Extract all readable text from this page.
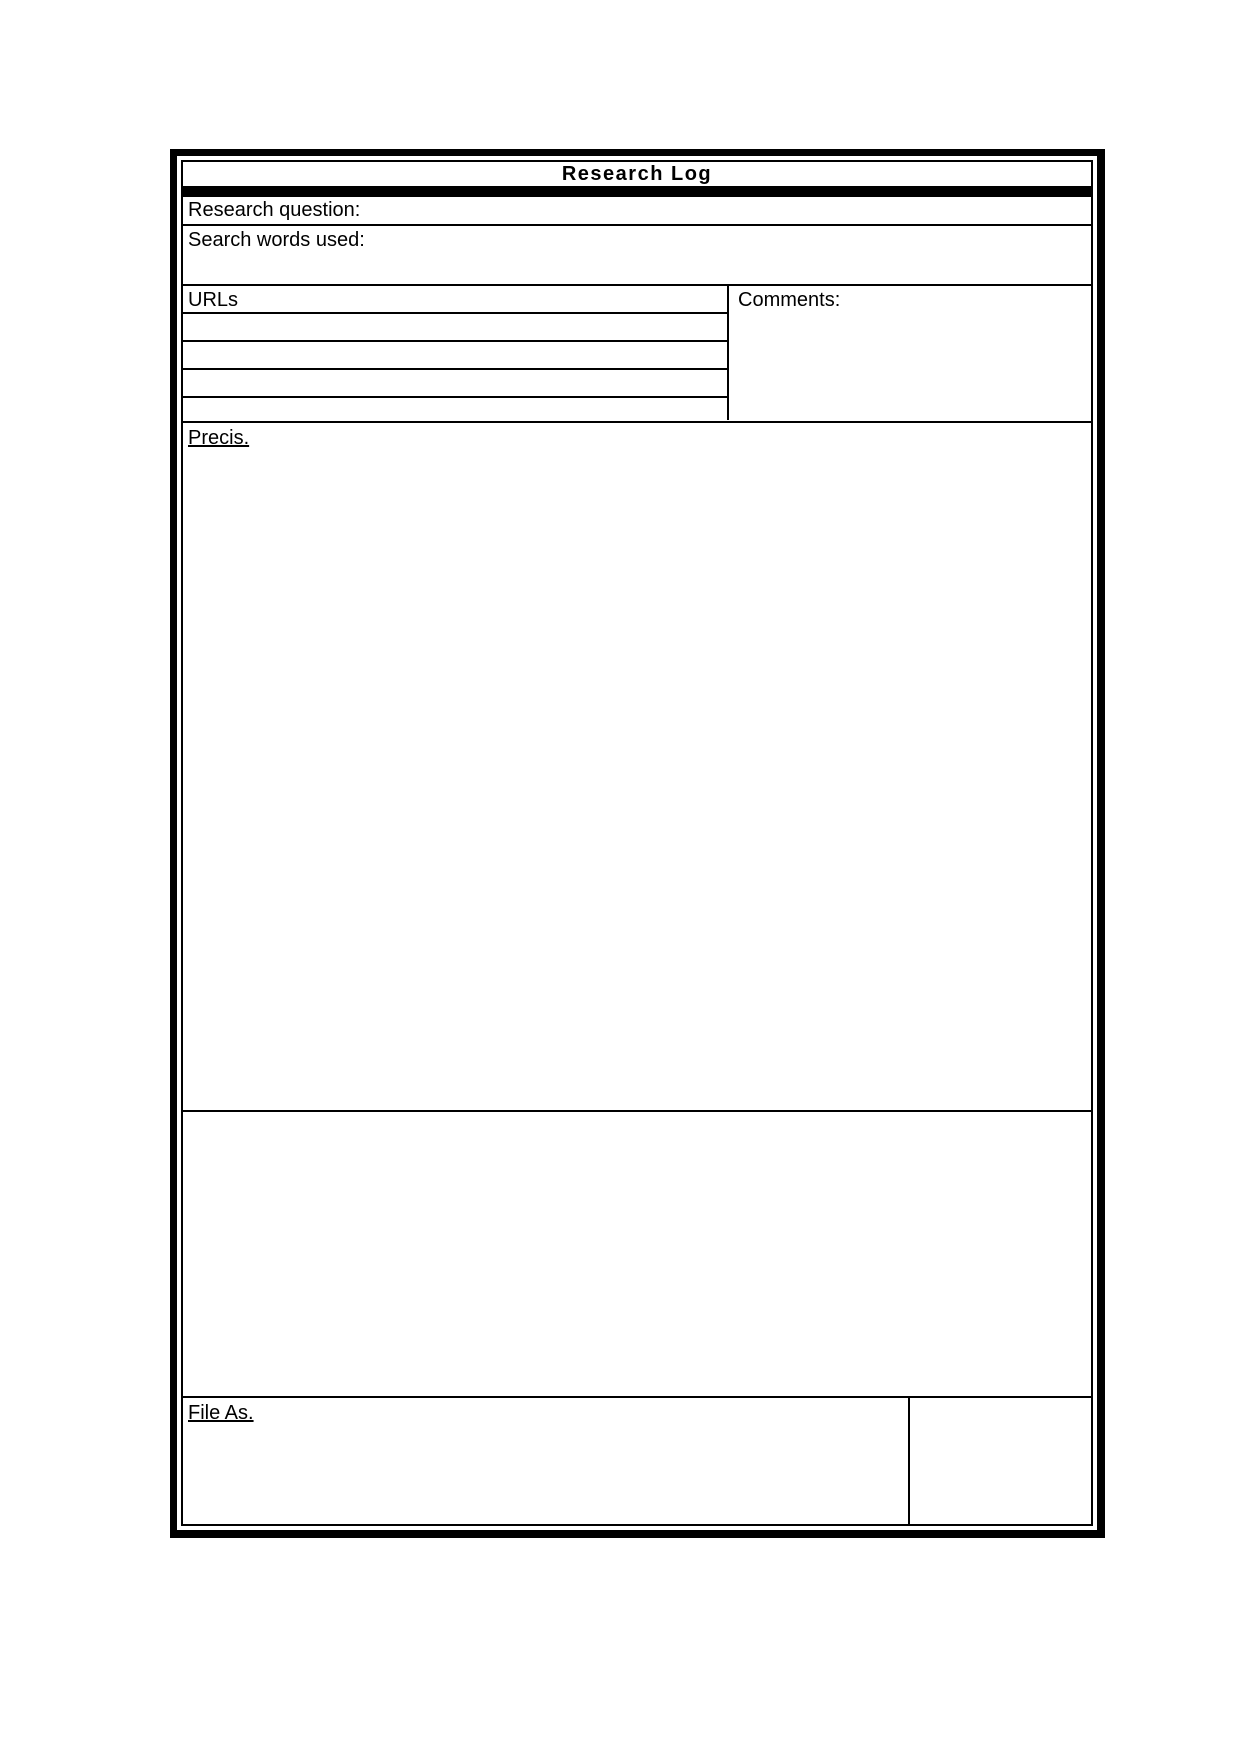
Research Log
Research question:
Search words used:
URLs	Comments:
Precis.
File As.
